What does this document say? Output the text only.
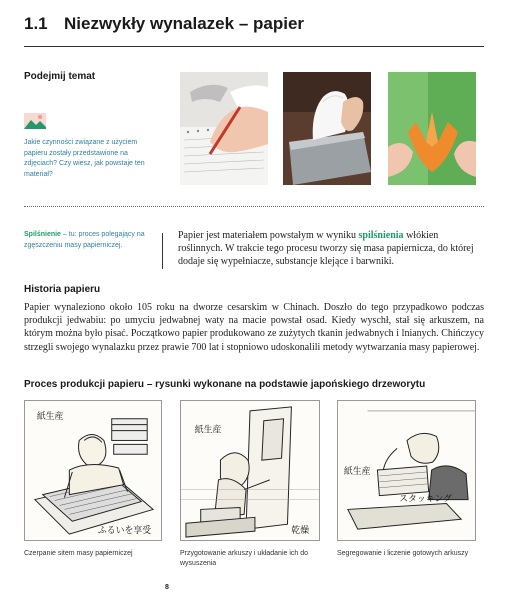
1.1 Niezwykły wynalazek – papier
Podejmij temat
Jakie czynności związane z użyciem papieru zostały przedstawione na zdjęciach? Czy wiesz, jak powstaje ten materiał?
Spilśnienie – tu: proces polegający na zgęszczeniu masy papierniczej.

Papier jest materiałem powstałym w wyniku spilśnienia włókien roślinnych. W trakcie tego procesu tworzy się masa papiernicza, do której dodaje się wypełniacze, substancje klejące i barwniki.

Historia papieru

Papier wynaleziono około 105 roku na dworze cesarskim w Chinach. Doszło do tego przypadkowo podczas produkcji jedwabiu: po umyciu jedwabnej waty na macie powstał osad. Kiedy wyschł, stał się arkuszem, na którym można było pisać. Początkowo papier produkowano ze zużytych tkanin jedwabnych i lnianych. Chińczycy strzegli swojego wynalazku przez prawie 700 lat i stopniowo udoskonalili metody wytwarzania masy papierowej.

Proces produkcji papieru – rysunki wykonane na podstawie japońskiego drzeworytu
紙生産
ふるいを享受
紙生産
乾燥
紙生産
スタッキング
Czerpanie sitem masy papierniczej	Przygotowanie arkuszy i układanie ich do wysuszenia
Segregowanie i liczenie gotowych arkuszy
8
